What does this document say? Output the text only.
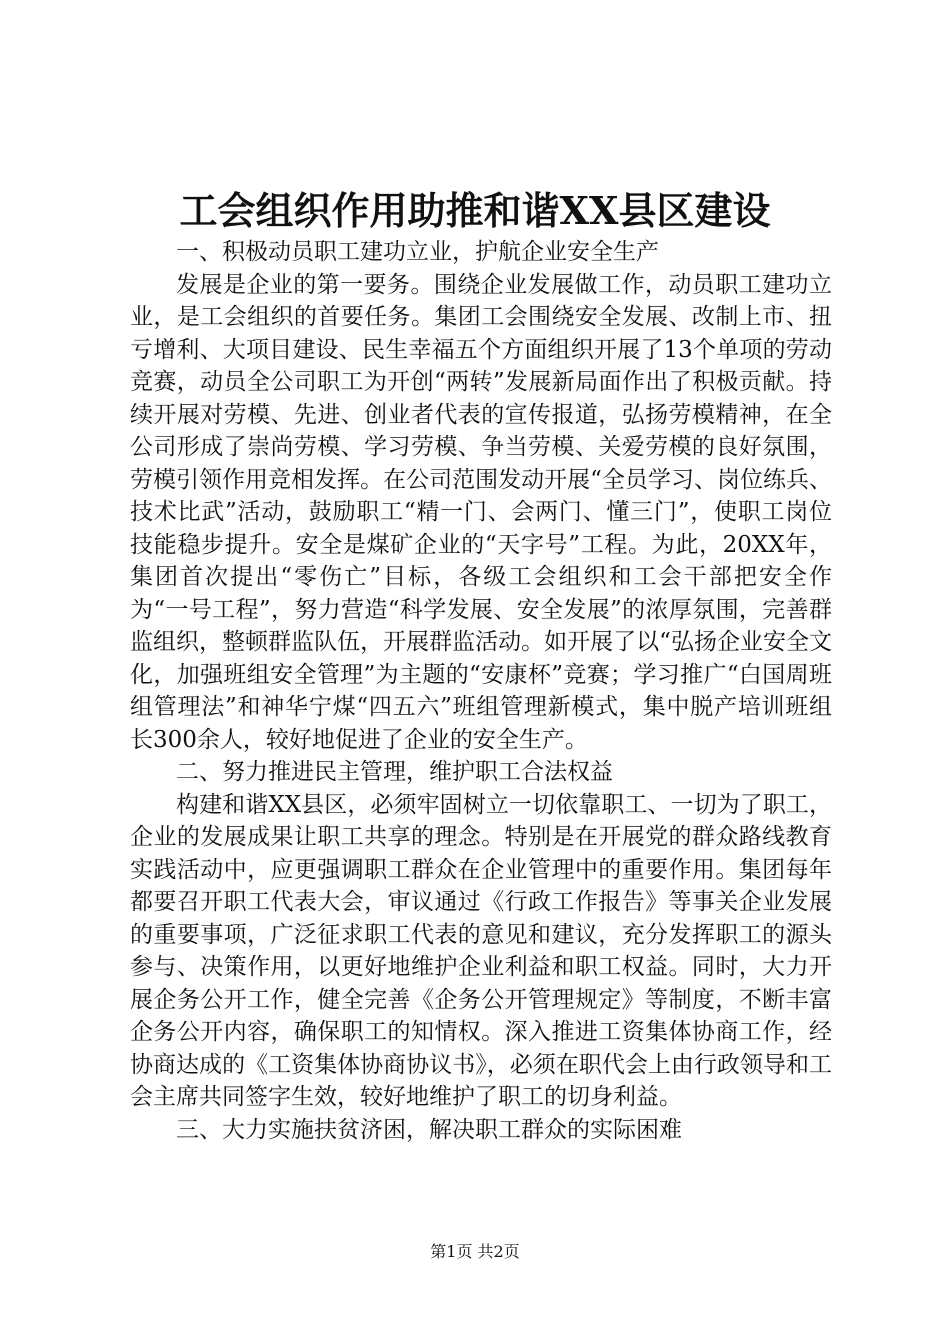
工会组织作用助推和谐XX县区建设

一、积极动员职工建功立业，护航企业安全生产

发展是企业的第一要务。围绕企业发展做工作，动员职工建功立业，是工会组织的首要任务。集团工会围绕安全发展、改制上市、扭亏增利、大项目建设、民生幸福五个方面组织开展了13个单项的劳动竞赛，动员全公司职工为开创“两转”发展新局面作出了积极贡献。持续开展对劳模、先进、创业者代表的宣传报道，弘扬劳模精神，在全公司形成了崇尚劳模、学习劳模、争当劳模、关爱劳模的良好氛围，劳模引领作用竞相发挥。在公司范围发动开展“全员学习、岗位练兵、技术比武”活动，鼓励职工“精一门、会两门、懂三门”，使职工岗位技能稳步提升。安全是煤矿企业的“天字号”工程。为此，20XX年，集团首次提出“零伤亡”目标，各级工会组织和工会干部把安全作为“一号工程”，努力营造“科学发展、安全发展”的浓厚氛围，完善群监组织，整顿群监队伍，开展群监活动。如开展了以“弘扬企业安全文化，加强班组安全管理”为主题的“安康杯”竞赛；学习推广“白国周班组管理法”和神华宁煤“四五六”班组管理新模式，集中脱产培训班组长300余人，较好地促进了企业的安全生产。

二、努力推进民主管理，维护职工合法权益

构建和谐XX县区，必须牢固树立一切依靠职工、一切为了职工，企业的发展成果让职工共享的理念。特别是在开展党的群众路线教育实践活动中，应更强调职工群众在企业管理中的重要作用。集团每年都要召开职工代表大会，审议通过《行政工作报告》等事关企业发展的重要事项，广泛征求职工代表的意见和建议，充分发挥职工的源头参与、决策作用，以更好地维护企业利益和职工权益。同时，大力开展企务公开工作，健全完善《企务公开管理规定》等制度，不断丰富企务公开内容，确保职工的知情权。深入推进工资集体协商工作，经协商达成的《工资集体协商协议书》，必须在职代会上由行政领导和工会主席共同签字生效，较好地维护了职工的切身利益。

三、大力实施扶贫济困，解决职工群众的实际困难

第1页 共2页
